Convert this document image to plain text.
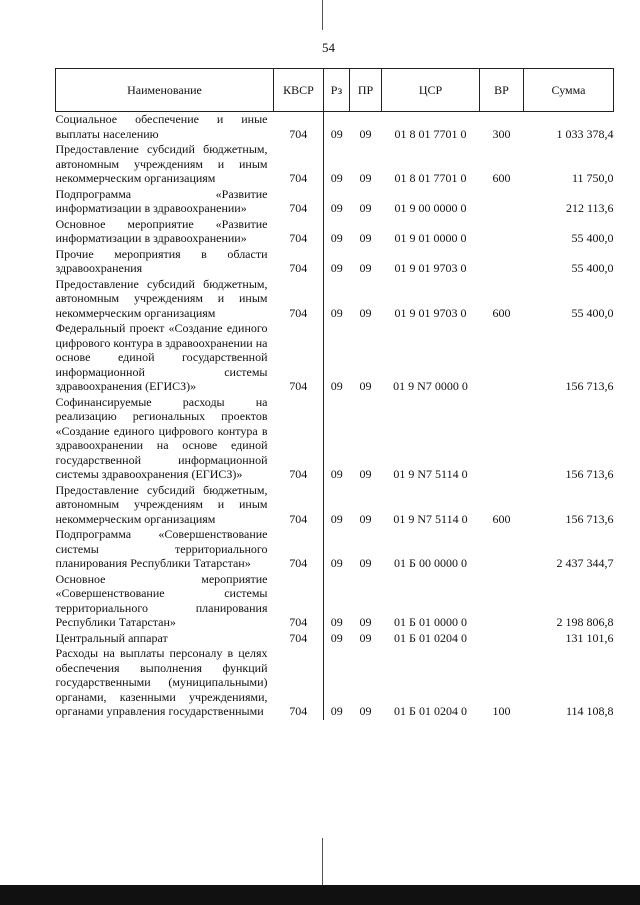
54
Наименование	КВСР	Рз	ПР	ЦСР	ВР	Сумма
Социальное обеспечение и иные выплаты населению	704	09	09	01 8 01 7701 0	300	1 033 378,4
Предоставление субсидий бюджетным, автономным учреждениям и иным некоммерческим организациям	704	09	09	01 8 01 7701 0	600	11 750,0
Подпрограмма «Развитие информатизации в здравоохранении»	704	09	09	01 9 00 0000 0		212 113,6
Основное мероприятие «Развитие информатизации в здравоохранении»	704	09	09	01 9 01 0000 0		55 400,0
Прочие мероприятия в области здравоохранения	704	09	09	01 9 01 9703 0		55 400,0
Предоставление субсидий бюджетным, автономным учреждениям и иным некоммерческим организациям	704	09	09	01 9 01 9703 0	600	55 400,0
Федеральный проект «Создание единого цифрового контура в здравоохранении на основе единой государственной информационной системы здравоохранения (ЕГИСЗ)»	704	09	09	01 9 N7 0000 0		156 713,6
Софинансируемые расходы на реализацию региональных проектов «Создание единого цифрового контура в здравоохранении на основе единой государственной информационной системы здравоохранения (ЕГИСЗ)»	704	09	09	01 9 N7 5114 0		156 713,6
Предоставление субсидий бюджетным, автономным учреждениям и иным некоммерческим организациям	704	09	09	01 9 N7 5114 0	600	156 713,6
Подпрограмма «Совершенствование системы территориального планирования Республики Татарстан»	704	09	09	01 Б 00 0000 0		2 437 344,7
Основное мероприятие «Совершенствование системы территориального планирования Республики Татарстан»	704	09	09	01 Б 01 0000 0		2 198 806,8
Центральный аппарат	704	09	09	01 Б 01 0204 0		131 101,6
Расходы на выплаты персоналу в целях обеспечения выполнения функций государственными (муниципальными) органами, казенными учреждениями, органами управления государственными	704	09	09	01 Б 01 0204 0	100	114 108,8
